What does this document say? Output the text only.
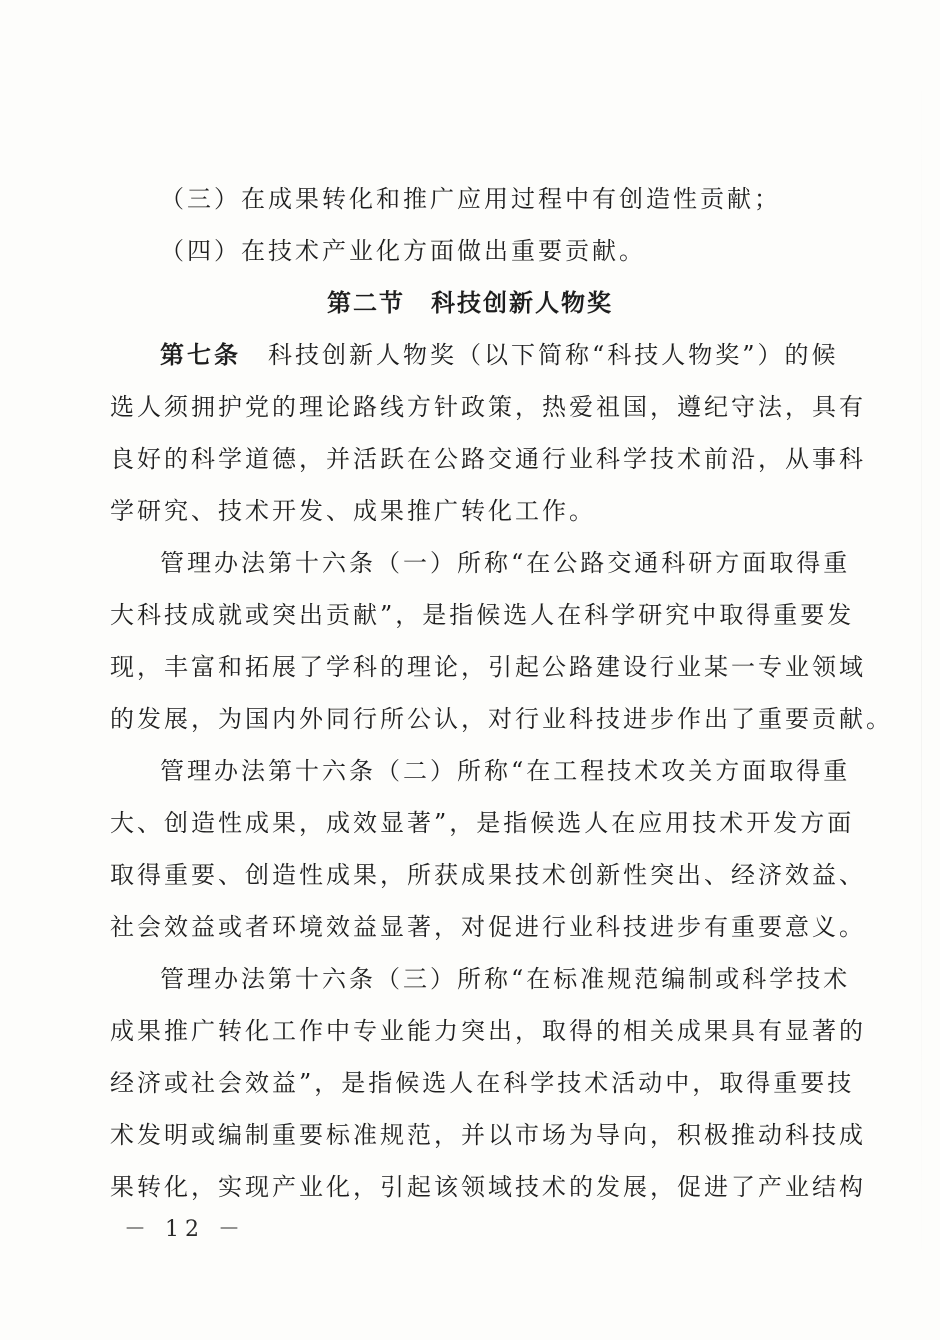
（三）在成果转化和推广应用过程中有创造性贡献；
（四）在技术产业化方面做出重要贡献。
第二节　科技创新人物奖
第七条　科技创新人物奖（以下简称“科技人物奖”）的候
选人须拥护党的理论路线方针政策，热爱祖国，遵纪守法，具有
良好的科学道德，并活跃在公路交通行业科学技术前沿，从事科
学研究、技术开发、成果推广转化工作。
管理办法第十六条（一）所称“在公路交通科研方面取得重
大科技成就或突出贡献”，是指候选人在科学研究中取得重要发
现，丰富和拓展了学科的理论，引起公路建设行业某一专业领域
的发展，为国内外同行所公认，对行业科技进步作出了重要贡献。
管理办法第十六条（二）所称“在工程技术攻关方面取得重
大、创造性成果，成效显著”，是指候选人在应用技术开发方面
取得重要、创造性成果，所获成果技术创新性突出、经济效益、
社会效益或者环境效益显著，对促进行业科技进步有重要意义。
管理办法第十六条（三）所称“在标准规范编制或科学技术
成果推广转化工作中专业能力突出，取得的相关成果具有显著的
经济或社会效益”，是指候选人在科学技术活动中，取得重要技
术发明或编制重要标准规范，并以市场为导向，积极推动科技成
果转化，实现产业化，引起该领域技术的发展，促进了产业结构
－ 12 －
